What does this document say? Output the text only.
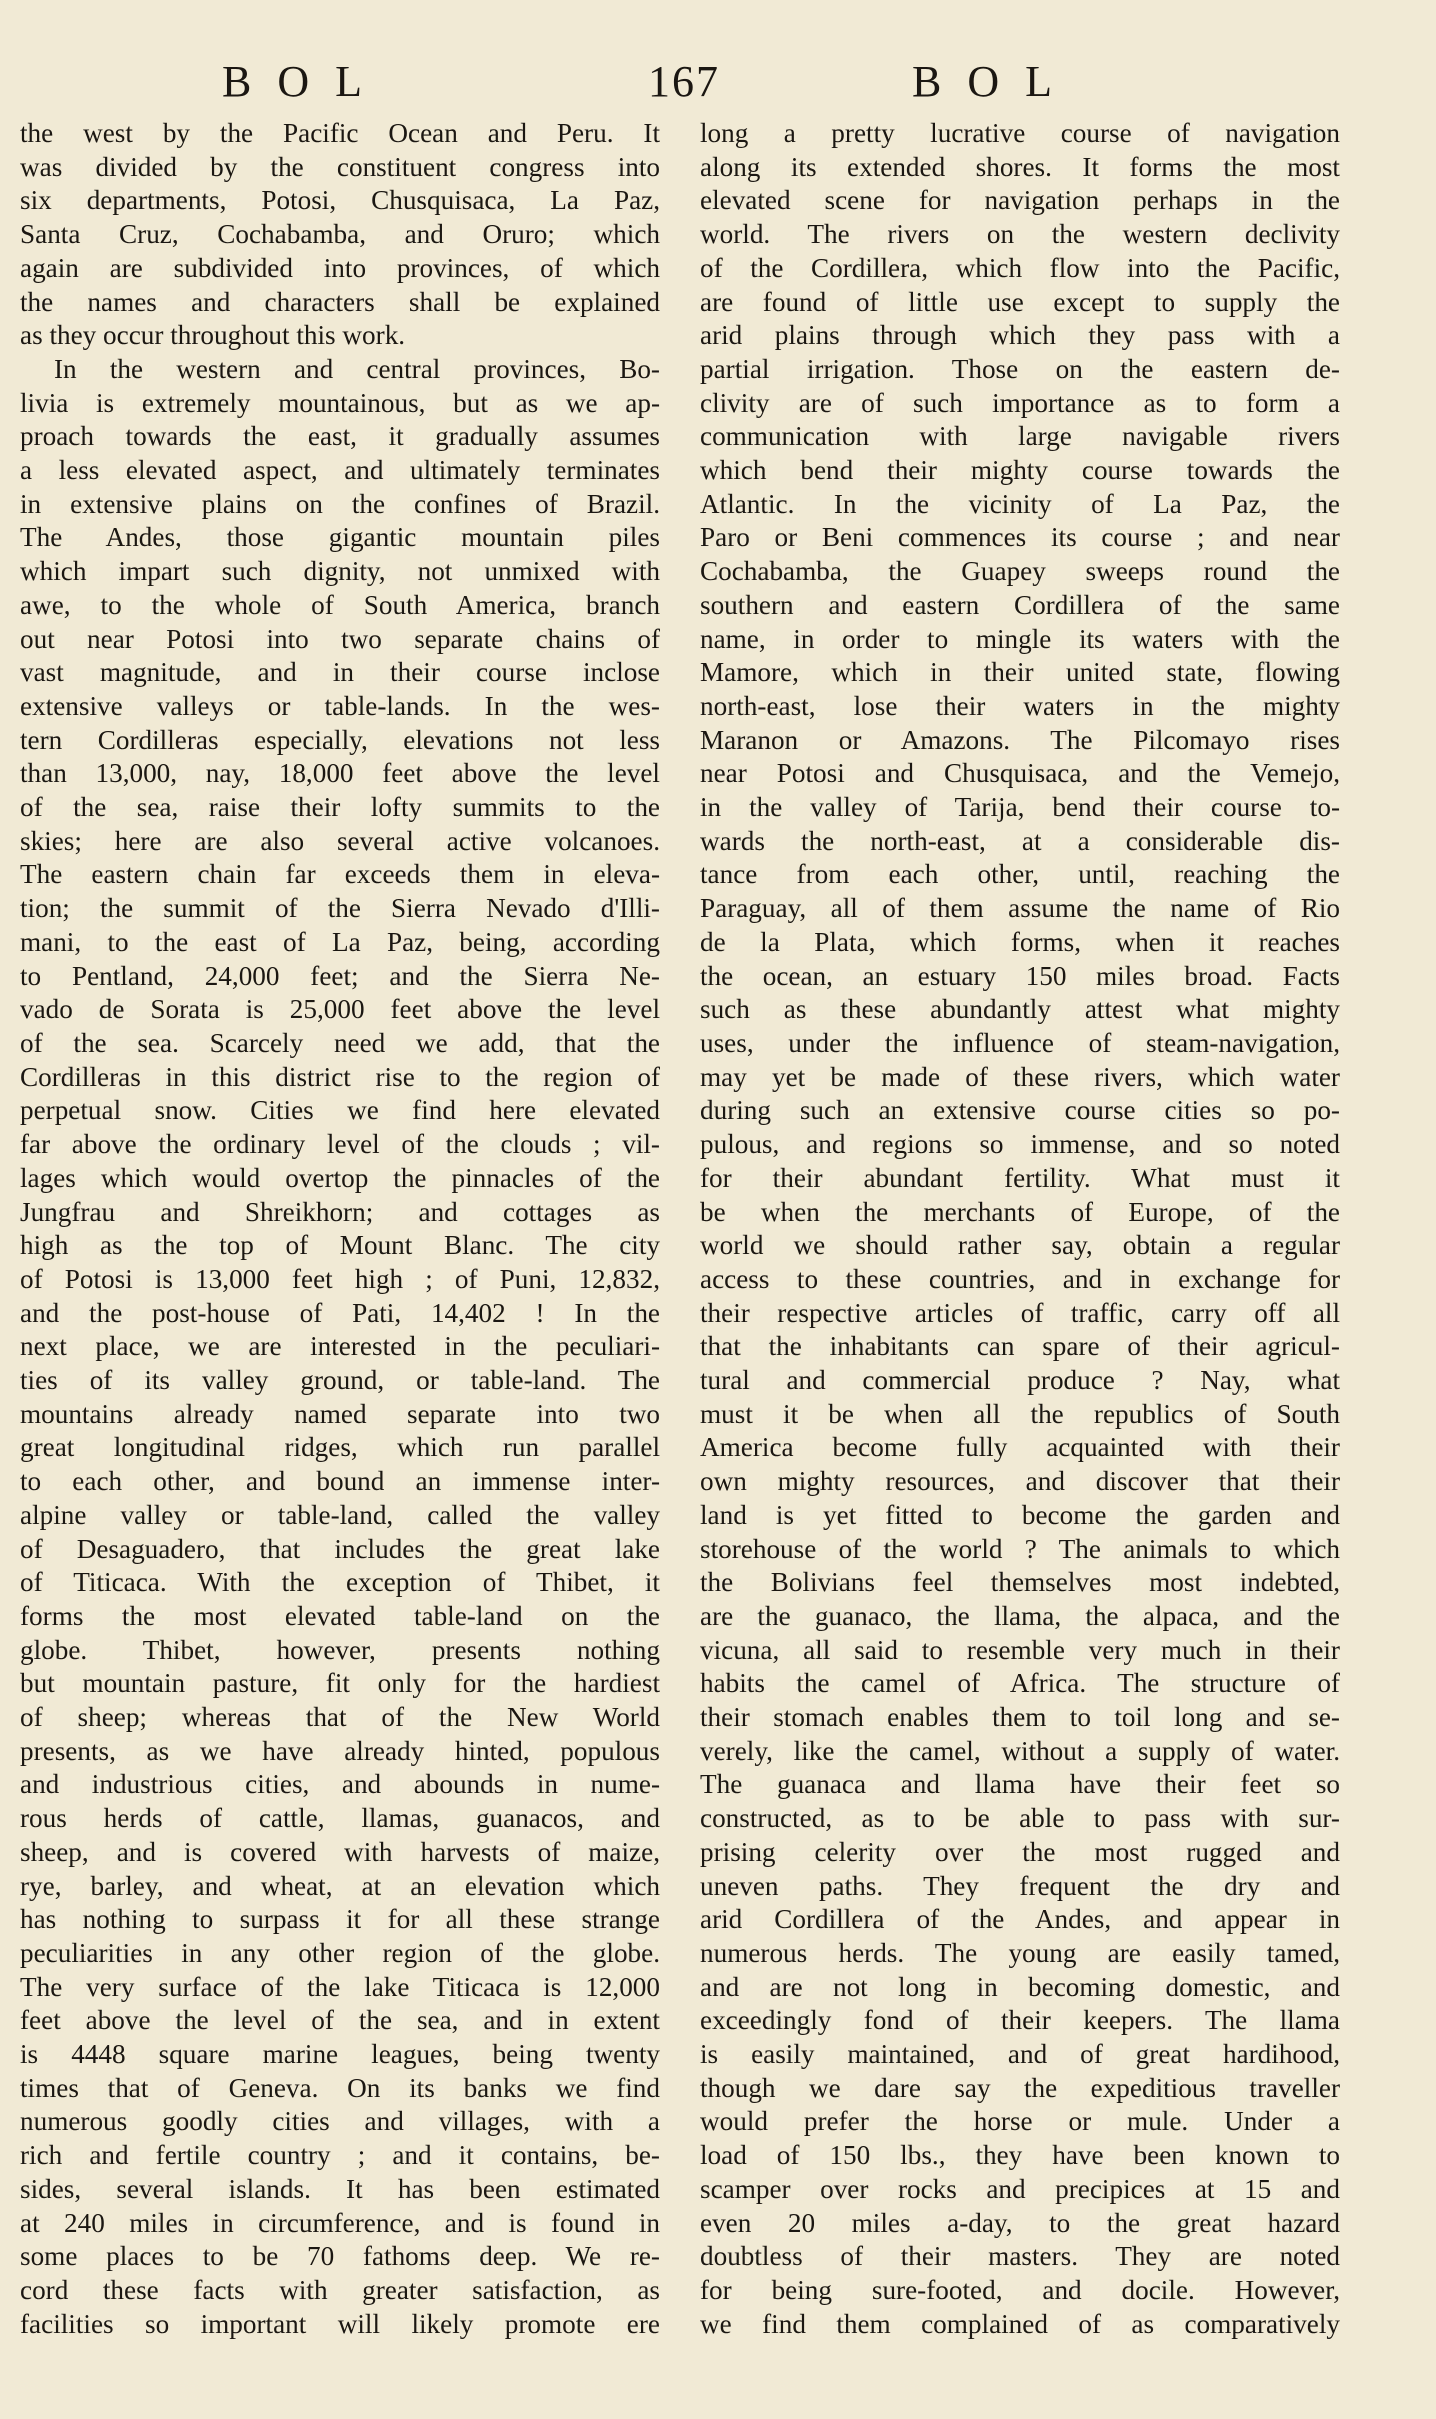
BOL	167	BOL
the west by the Pacific Ocean and Peru. It
was divided by the constituent congress into
six departments, Potosi, Chusquisaca, La Paz,
Santa Cruz, Cochabamba, and Oruro; which
again are subdivided into provinces, of which
the names and characters shall be explained
as they occur throughout this work.
In the western and central provinces, Bo-
livia is extremely mountainous, but as we ap-
proach towards the east, it gradually assumes
a less elevated aspect, and ultimately terminates
in extensive plains on the confines of Brazil.
The Andes, those gigantic mountain piles
which impart such dignity, not unmixed with
awe, to the whole of South America, branch
out near Potosi into two separate chains of
vast magnitude, and in their course inclose
extensive valleys or table-lands. In the wes-
tern Cordilleras especially, elevations not less
than 13,000, nay, 18,000 feet above the level
of the sea, raise their lofty summits to the
skies; here are also several active volcanoes.
The eastern chain far exceeds them in eleva-
tion; the summit of the Sierra Nevado d'Illi-
mani, to the east of La Paz, being, according
to Pentland, 24,000 feet; and the Sierra Ne-
vado de Sorata is 25,000 feet above the level
of the sea. Scarcely need we add, that the
Cordilleras in this district rise to the region of
perpetual snow. Cities we find here elevated
far above the ordinary level of the clouds ; vil-
lages which would overtop the pinnacles of the
Jungfrau and Shreikhorn; and cottages as
high as the top of Mount Blanc. The city
of Potosi is 13,000 feet high ; of Puni, 12,832,
and the post-house of Pati, 14,402 ! In the
next place, we are interested in the peculiari-
ties of its valley ground, or table-land. The
mountains already named separate into two
great longitudinal ridges, which run parallel
to each other, and bound an immense inter-
alpine valley or table-land, called the valley
of Desaguadero, that includes the great lake
of Titicaca. With the exception of Thibet, it
forms the most elevated table-land on the
globe. Thibet, however, presents nothing
but mountain pasture, fit only for the hardiest
of sheep; whereas that of the New World
presents, as we have already hinted, populous
and industrious cities, and abounds in nume-
rous herds of cattle, llamas, guanacos, and
sheep, and is covered with harvests of maize,
rye, barley, and wheat, at an elevation which
has nothing to surpass it for all these strange
peculiarities in any other region of the globe.
The very surface of the lake Titicaca is 12,000
feet above the level of the sea, and in extent
is 4448 square marine leagues, being twenty
times that of Geneva. On its banks we find
numerous goodly cities and villages, with a
rich and fertile country ; and it contains, be-
sides, several islands. It has been estimated
at 240 miles in circumference, and is found in
some places to be 70 fathoms deep. We re-
cord these facts with greater satisfaction, as
facilities so important will likely promote ere
long a pretty lucrative course of navigation
along its extended shores. It forms the most
elevated scene for navigation perhaps in the
world. The rivers on the western declivity
of the Cordillera, which flow into the Pacific,
are found of little use except to supply the
arid plains through which they pass with a
partial irrigation. Those on the eastern de-
clivity are of such importance as to form a
communication with large navigable rivers
which bend their mighty course towards the
Atlantic. In the vicinity of La Paz, the
Paro or Beni commences its course ; and near
Cochabamba, the Guapey sweeps round the
southern and eastern Cordillera of the same
name, in order to mingle its waters with the
Mamore, which in their united state, flowing
north-east, lose their waters in the mighty
Maranon or Amazons. The Pilcomayo rises
near Potosi and Chusquisaca, and the Vemejo,
in the valley of Tarija, bend their course to-
wards the north-east, at a considerable dis-
tance from each other, until, reaching the
Paraguay, all of them assume the name of Rio
de la Plata, which forms, when it reaches
the ocean, an estuary 150 miles broad. Facts
such as these abundantly attest what mighty
uses, under the influence of steam-navigation,
may yet be made of these rivers, which water
during such an extensive course cities so po-
pulous, and regions so immense, and so noted
for their abundant fertility. What must it
be when the merchants of Europe, of the
world we should rather say, obtain a regular
access to these countries, and in exchange for
their respective articles of traffic, carry off all
that the inhabitants can spare of their agricul-
tural and commercial produce ? Nay, what
must it be when all the republics of South
America become fully acquainted with their
own mighty resources, and discover that their
land is yet fitted to become the garden and
storehouse of the world ? The animals to which
the Bolivians feel themselves most indebted,
are the guanaco, the llama, the alpaca, and the
vicuna, all said to resemble very much in their
habits the camel of Africa. The structure of
their stomach enables them to toil long and se-
verely, like the camel, without a supply of water.
The guanaca and llama have their feet so
constructed, as to be able to pass with sur-
prising celerity over the most rugged and
uneven paths. They frequent the dry and
arid Cordillera of the Andes, and appear in
numerous herds. The young are easily tamed,
and are not long in becoming domestic, and
exceedingly fond of their keepers. The llama
is easily maintained, and of great hardihood,
though we dare say the expeditious traveller
would prefer the horse or mule. Under a
load of 150 lbs., they have been known to
scamper over rocks and precipices at 15 and
even 20 miles a-day, to the great hazard
doubtless of their masters. They are noted
for being sure-footed, and docile. However,
we find them complained of as comparatively
